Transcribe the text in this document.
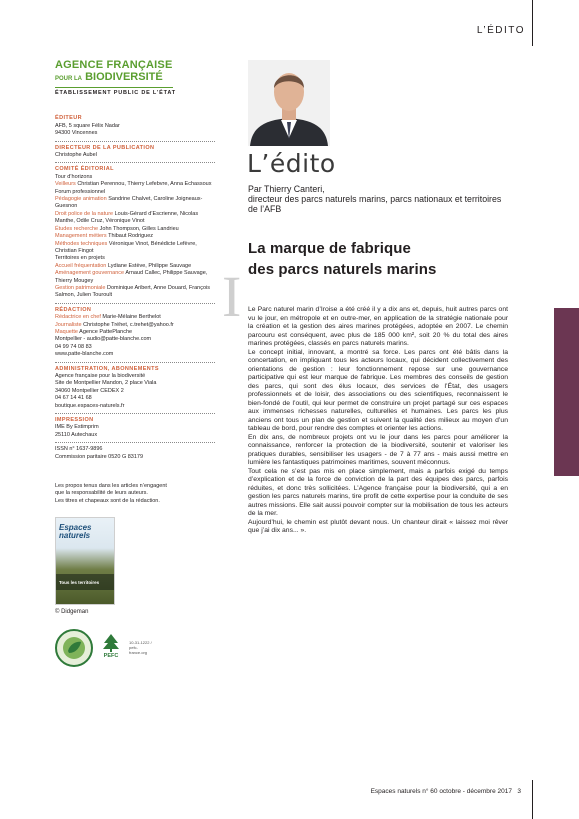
L’ÉDITO
AGENCE FRANÇAISE
POUR LA BIODIVERSITÉ
ÉTABLISSEMENT PUBLIC DE L’ÉTAT
ÉDITEUR
AFB, 5 square Félix Nadar
94300 Vincennes
DIRECTEUR DE LA PUBLICATION
Christophe Aubel
COMITÉ ÉDITORIAL
Tour d’horizons
Veilleurs Christian Perennou, Thierry Lefebvre, Anna Echassoux
Forum professionnel
Pédagogie animation Sandrine Chalvet, Caroline Joigneaux-Guesnon
Droit police de la nature Louis-Gérard d’Escrienne, Nicolas Manthe, Odile Cruz, Véronique Vinot
Études recherche John Thompson, Gilles Landrieu
Management métiers Thibaut Rodriguez
Méthodes techniques Véronique Vinot, Bénédicte Lefèvre, Christian Fingot
Territoires en projets
Accueil fréquentation Lydiane Estève, Philippe Sauvage
Aménagement gouvernance Arnaud Callec, Philippe Sauvage, Thierry Mougey
Gestion patrimoniale Dominique Aribert, Anne Douard, François Salmon, Julien Touroult
RÉDACTION
Rédactrice en chef Marie-Mélaine Berthelot
Journaliste Christophe Tréhet, c.trehet@yahoo.fr
Maquette Agence PattePlanche
Montpellier - audio@patte-blanche.com
04 99 74 08 83
www.patte-blanche.com
ADMINISTRATION, ABONNEMENTS
Agence française pour la biodiversité
Site de Montpellier Mandon, 2 place Viala
34060 Montpellier CEDEX 2
04 67 14 41 68
boutique.espaces-naturels.fr
IMPRESSION
IME By Estimprim
25110 Autechaux
ISSN n° 1637-9896
Commission paritaire 0520 G 83179
Les propos tenus dans les articles n’engagent
que la responsabilité de leurs auteurs.
Les titres et chapeaux sont de la rédaction.
Espaces naturels
Tous les territoires
© Didgeman
PEFC
10-31-1222 / pefc-france.org
L’édito
Par Thierry Canteri,
directeur des parcs naturels marins, parcs nationaux et territoires de l’AFB
La marque de fabrique
des parcs naturels marins
I Le Parc naturel marin d’Iroise a été créé il y a dix ans et, depuis, huit autres parcs ont vu le jour, en métropole et en outre-mer, en application de la stratégie nationale pour la création et la gestion des aires marines protégées, adoptée en 2007. Le chemin parcouru est conséquent, avec plus de 185 000 km², soit 20 % du total des aires marines protégées, classés en parcs naturels marins.

Le concept initial, innovant, a montré sa force. Les parcs ont été bâtis dans la concertation, en impliquant tous les acteurs locaux, qui décident collectivement des orientations de gestion : leur fonctionnement repose sur une gouvernance participative qui est leur marque de fabrique. Les membres des conseils de gestion des parcs, qui sont des élus locaux, des services de l’État, des usagers professionnels et de loisir, des associations ou des scientifiques, reconnaissent le bien-fondé de l’outil, qui leur permet de construire un projet partagé sur ces espaces aux immenses richesses naturelles, culturelles et humaines. Les parcs les plus anciens ont tous un plan de gestion et suivent la qualité des milieux au moyen d’un tableau de bord, pour rendre des comptes et orienter les actions.

En dix ans, de nombreux projets ont vu le jour dans les parcs pour améliorer la connaissance, renforcer la protection de la biodiversité, soutenir et valoriser les pratiques durables, sensibiliser les usagers - de 7 à 77 ans - mais aussi mettre en lumière les fantastiques patrimoines maritimes, souvent méconnus.

Tout cela ne s’est pas mis en place simplement, mais a parfois exigé du temps d’explication et de la force de conviction de la part des équipes des parcs, parfois réduites, et donc très sollicitées. L’Agence française pour la biodiversité, qui a en gestion les parcs naturels marins, tire profit de cette expertise pour la conduite de ses autres missions. Elle sait aussi pouvoir compter sur la mobilisation de tous les acteurs de la mer.

Aujourd’hui, le chemin est plutôt devant nous. Un chanteur dirait « laissez moi rêver que j’ai dix ans... ».

Espaces naturels n° 60 octobre - décembre 2017 3
